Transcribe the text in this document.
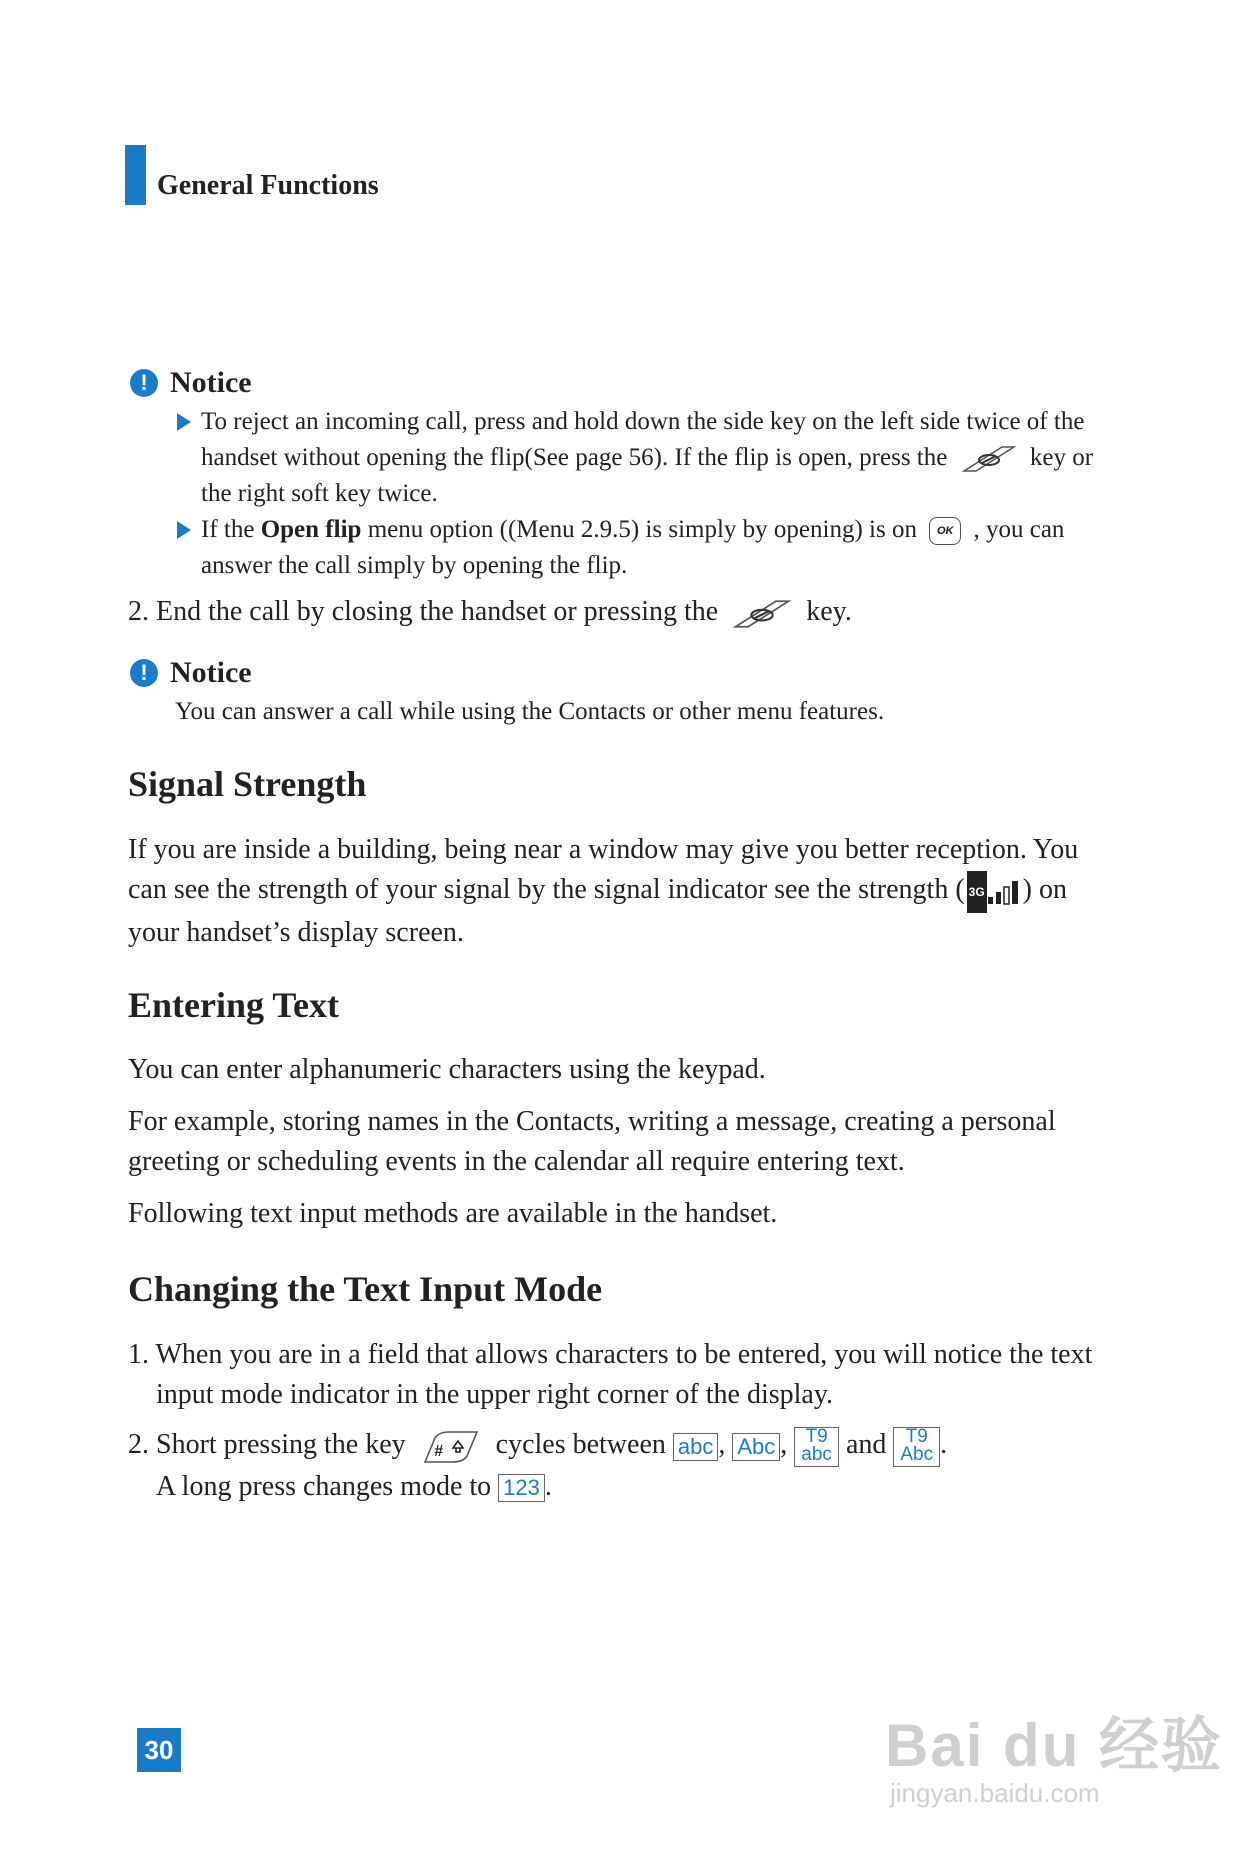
General Functions
! Notice
To reject an incoming call, press and hold down the side key on the left side twice of the
handset without opening the flip(See page 56). If the flip is open, press the	key or
the right soft key twice.
If the Open flip menu option ((Menu 2.9.5) is simply by opening) is on OK , you can
answer the call simply by opening the flip.
2. End the call by closing the handset or pressing the	key.
! Notice
You can answer a call while using the Contacts or other menu features.
Signal Strength
If you are inside a building, being near a window may give you better reception. You
can see the strength of your signal by the signal indicator see the strength ( 3G ) on
your handset’s display screen.
Entering Text
You can enter alphanumeric characters using the keypad.
For example, storing names in the Contacts, writing a message, creating a personal
greeting or scheduling events in the calendar all require entering text.
Following text input methods are available in the handset.
Changing the Text Input Mode
1. When you are in a field that allows characters to be entered, you will notice the text
input mode indicator in the upper right corner of the display.
2. Short pressing the key # cycles between abc , Abc , T9
abc and T9
Abc .
A long press changes mode to 123 .
30	Bai du 经验
jingyan.baidu.com
